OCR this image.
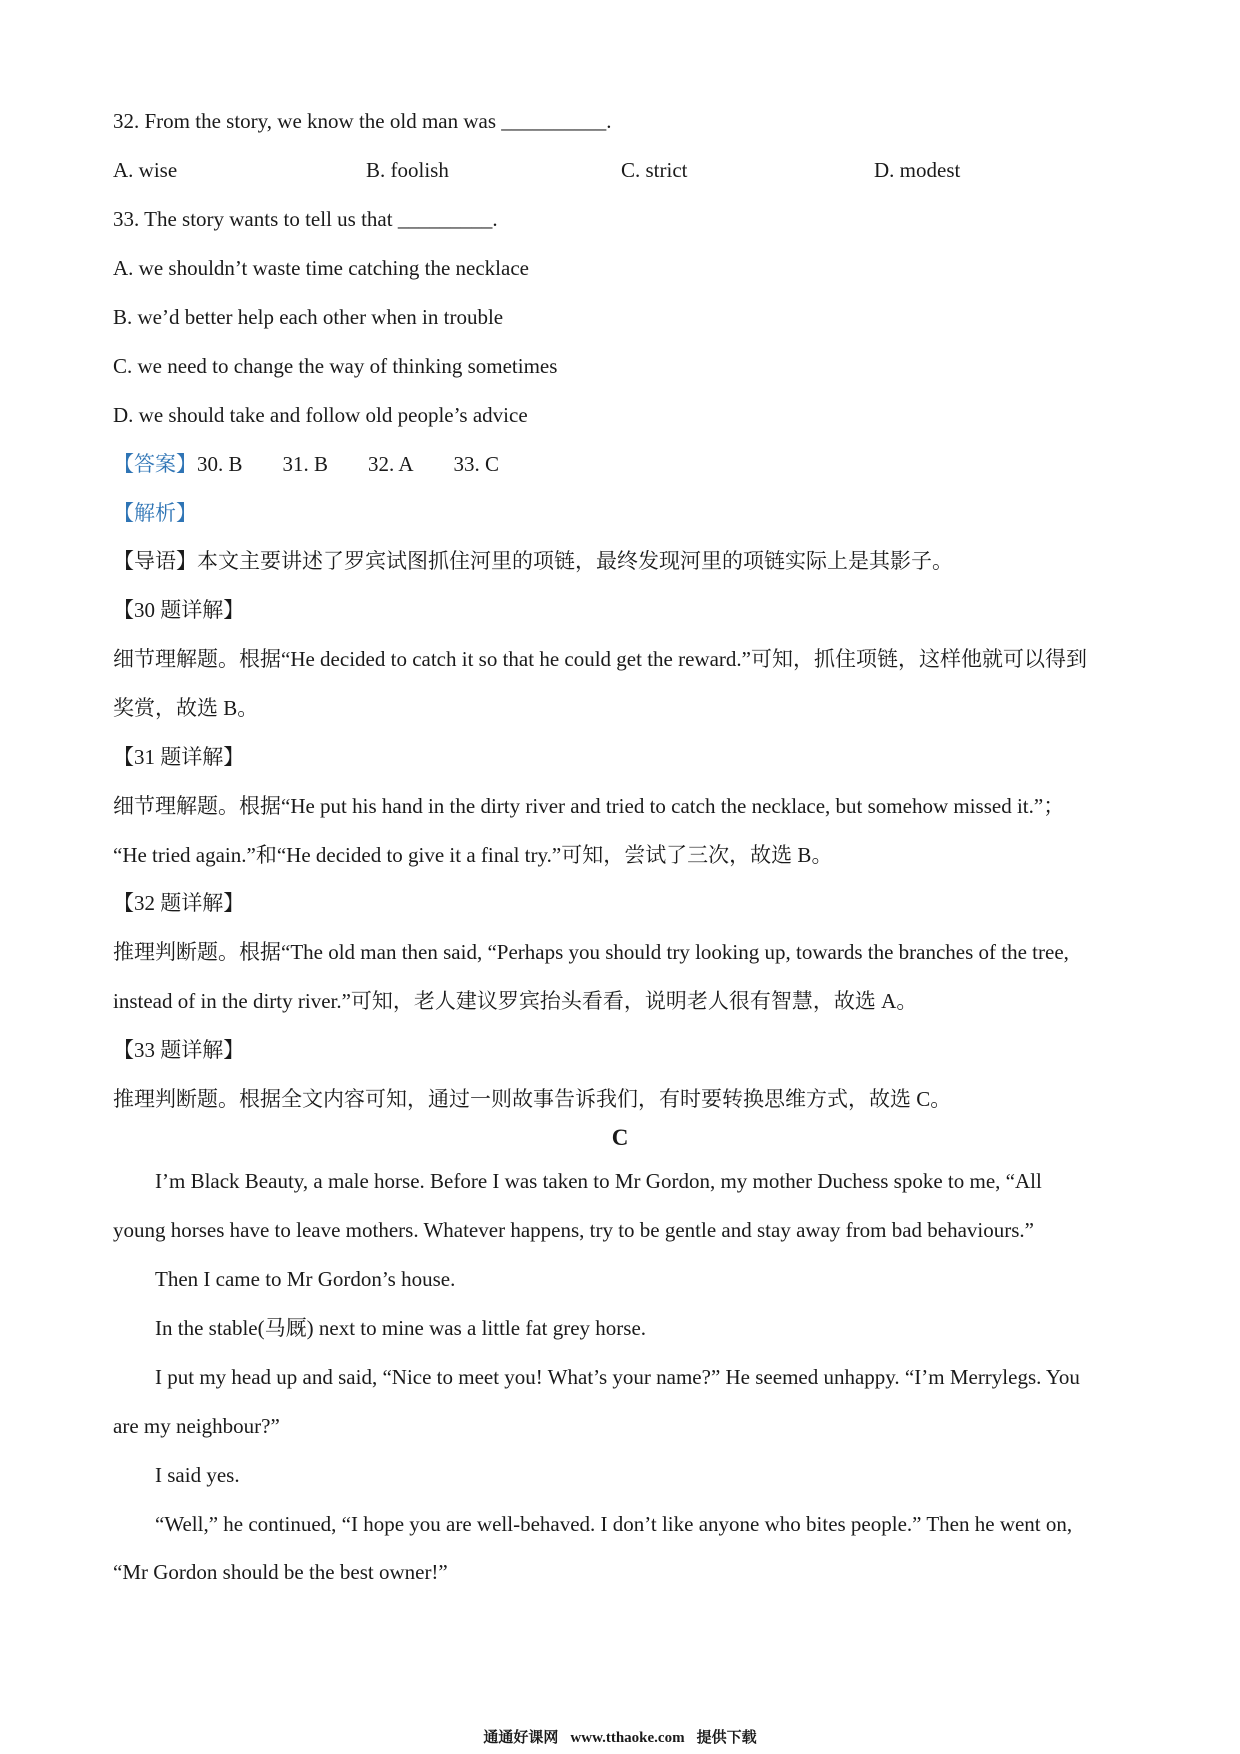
32. From the story, we know the old man was __________.
A. wise	B. foolish	C. strict	D. modest
33. The story wants to tell us that _________.
A. we shouldn’t waste time catching the necklace
B. we’d better help each other when in trouble
C. we need to change the way of thinking sometimes
D. we should take and follow old people’s advice
【答案】30. B 31. B 32. A 33. C
【解析】
【导语】本文主要讲述了罗宾试图抓住河里的项链，最终发现河里的项链实际上是其影子。
【30 题详解】
细节理解题。根据“He decided to catch it so that he could get the reward.”可知，抓住项链，这样他就可以得到
奖赏，故选 B。
【31 题详解】
细节理解题。根据“He put his hand in the dirty river and tried to catch the necklace, but somehow missed it.”；
“He tried again.”和“He decided to give it a final try.”可知，尝试了三次，故选 B。
【32 题详解】
推理判断题。根据“The old man then said, “Perhaps you should try looking up, towards the branches of the tree,
instead of in the dirty river.”可知，老人建议罗宾抬头看看，说明老人很有智慧，故选 A。
【33 题详解】
推理判断题。根据全文内容可知，通过一则故事告诉我们，有时要转换思维方式，故选 C。
C
I’m Black Beauty, a male horse. Before I was taken to Mr Gordon, my mother Duchess spoke to me, “All
young horses have to leave mothers. Whatever happens, try to be gentle and stay away from bad behaviours.”
Then I came to Mr Gordon’s house.
In the stable(马厩) next to mine was a little fat grey horse.
I put my head up and said, “Nice to meet you! What’s your name?” He seemed unhappy. “I’m Merrylegs. You
are my neighbour?”
I said yes.
“Well,” he continued, “I hope you are well-behaved. I don’t like anyone who bites people.” Then he went on,
“Mr Gordon should be the best owner!”
通通好课网 www.tthaoke.com 提供下载
